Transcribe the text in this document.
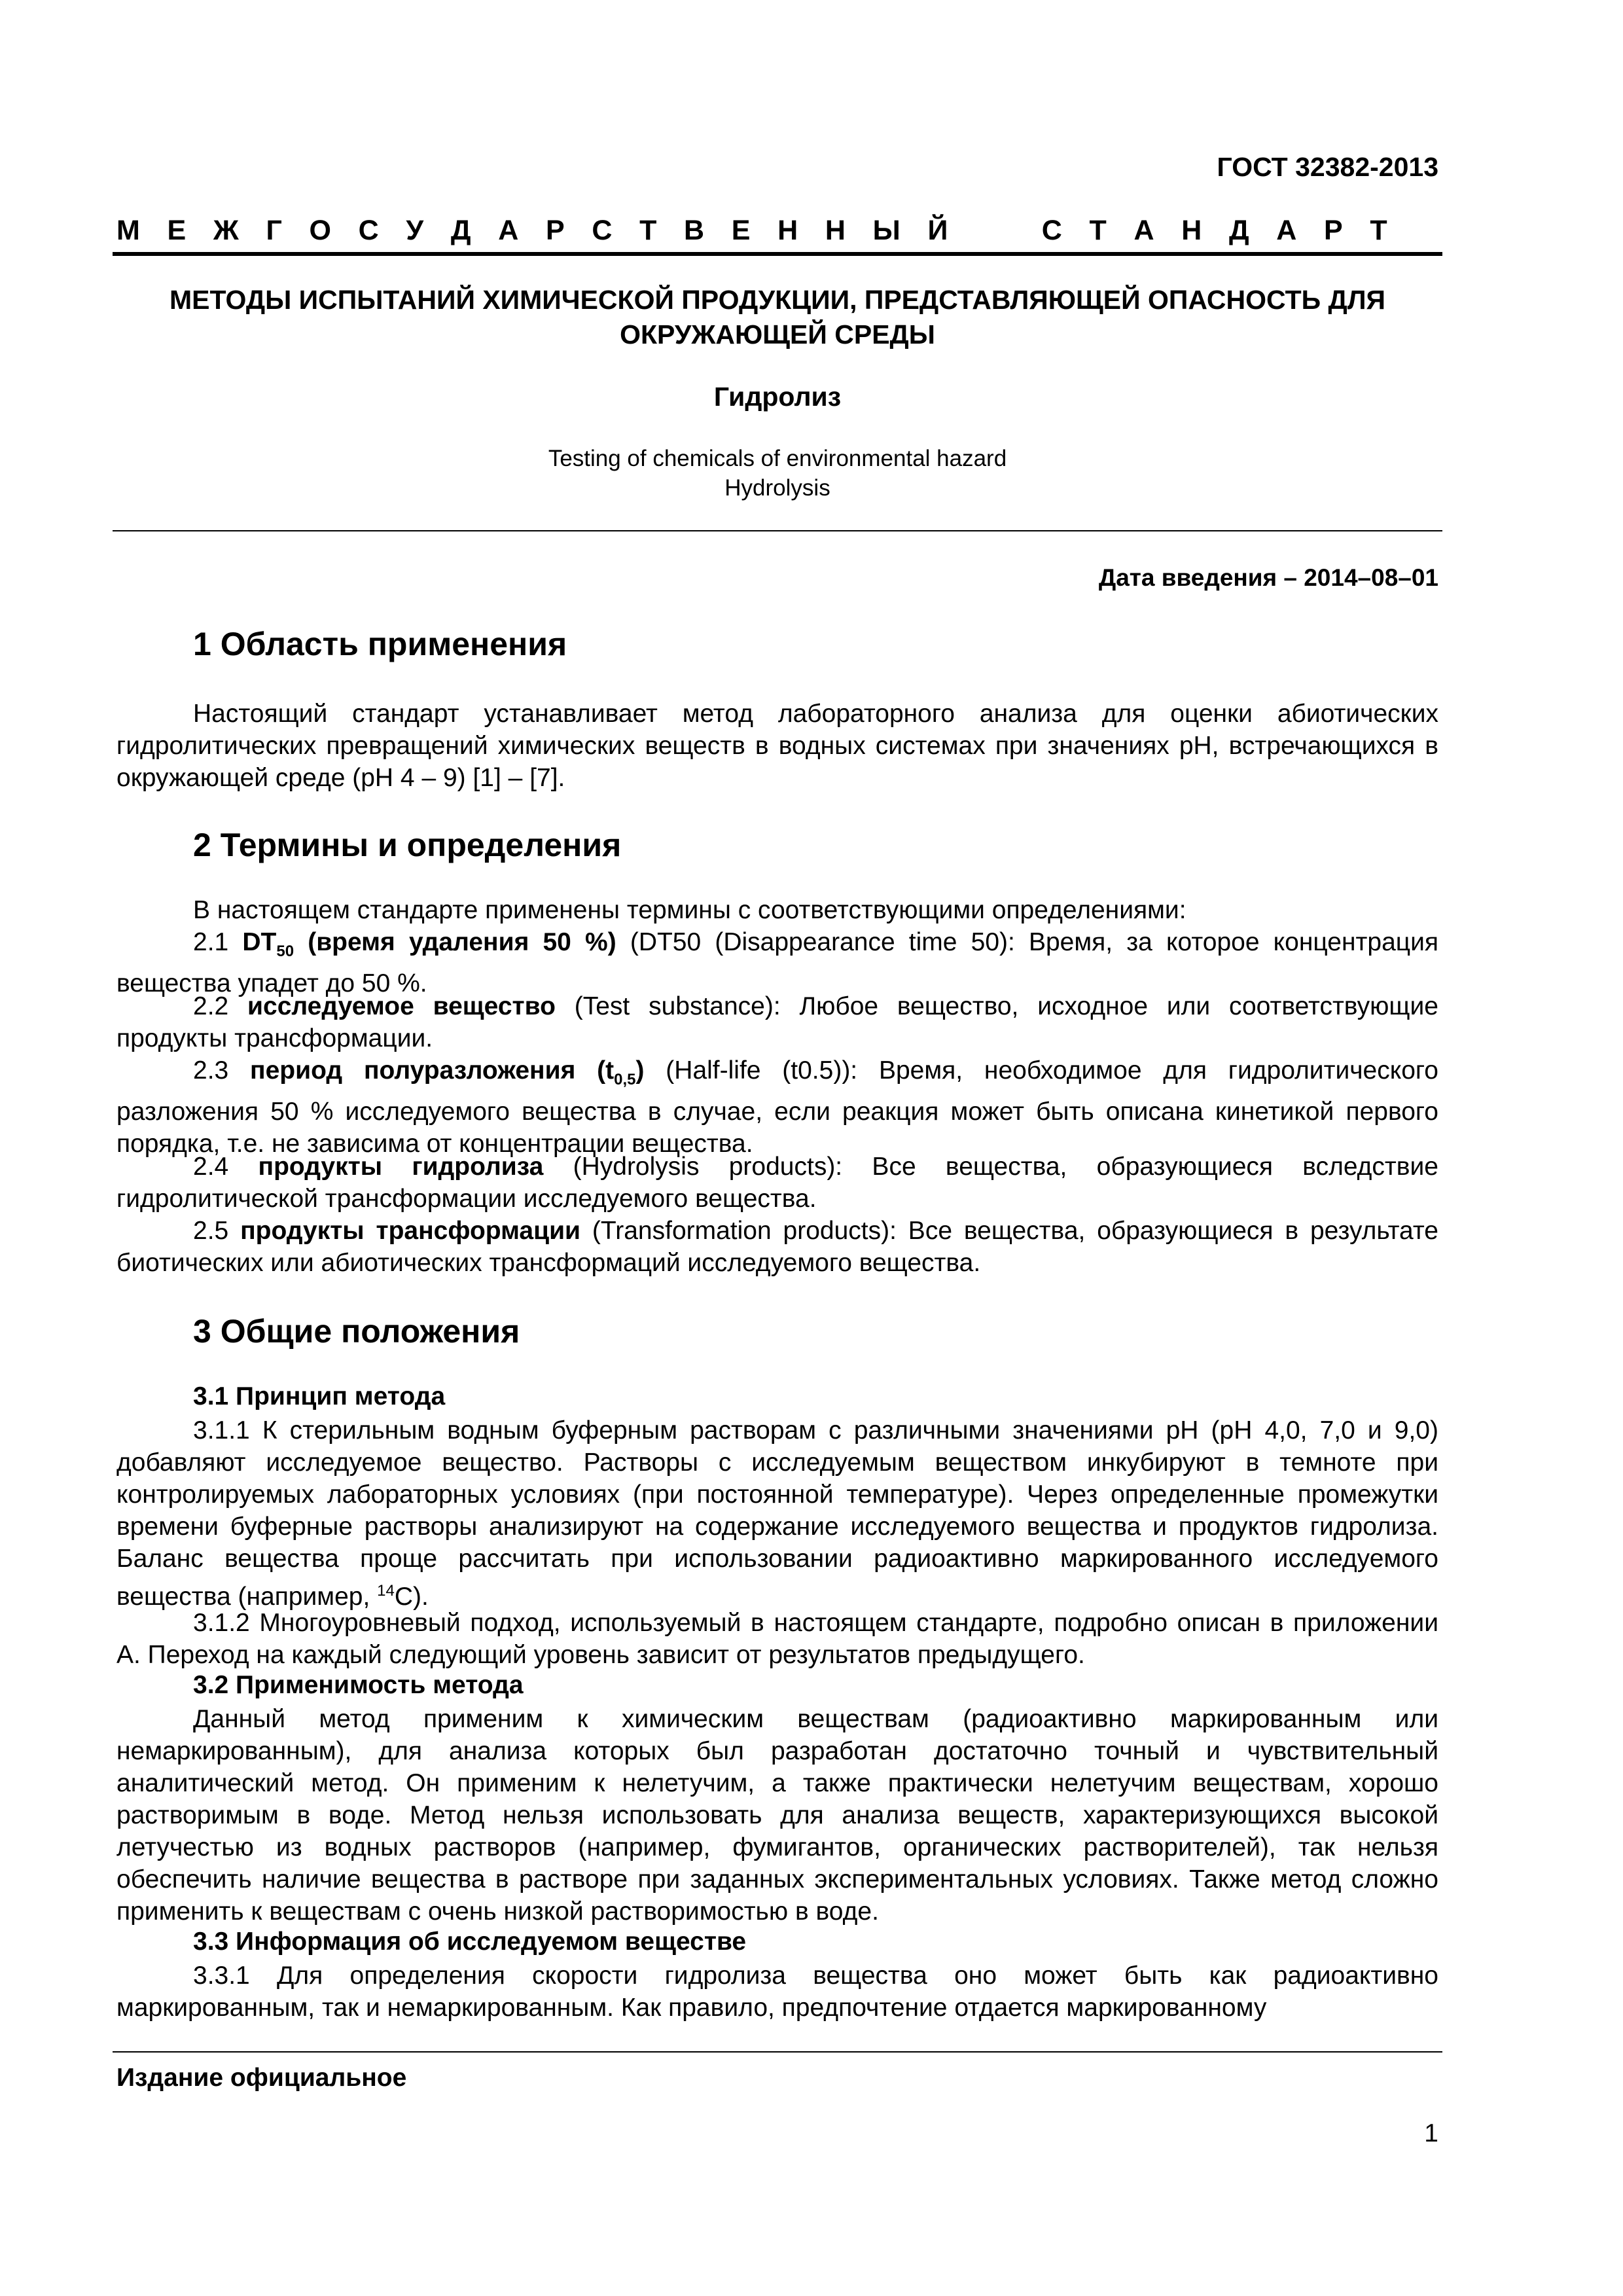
ГОСТ 32382-2013
М Е Ж Г О С У Д А Р С Т В Е Н Н Ы Й	С Т А Н Д А Р Т
МЕТОДЫ ИСПЫТАНИЙ ХИМИЧЕСКОЙ ПРОДУКЦИИ, ПРЕДСТАВЛЯЮЩЕЙ ОПАСНОСТЬ ДЛЯ
ОКРУЖАЮЩЕЙ СРЕДЫ
Гидролиз
Testing of chemicals of environmental hazard
Hydrolysis
Дата введения – 2014–08–01
1 Область применения
Настоящий стандарт устанавливает метод лабораторного анализа для оценки абиотических гидролитических превращений химических веществ в водных системах при значениях pH, встречающихся в окружающей среде (pH 4 – 9) [1] – [7].
2 Термины и определения
В настоящем стандарте применены термины с соответствующими определениями:
2.1 $DT_{50}$ (время удаления 50 %) (DT50 (Disappearance time 50): Время, за которое концентрация вещества упадет до 50 %.
2.2 исследуемое вещество (Test substance): Любое вещество, исходное или соответствующие продукты трансформации.
2.3 период полуразложения $(t_{0,5})$ (Half-life (t0.5)): Время, необходимое для гидролитического разложения 50 % исследуемого вещества в случае, если реакция может быть описана кинетикой первого порядка, т.е. не зависима от концентрации вещества.
2.4 продукты гидролиза (Hydrolysis products): Все вещества, образующиеся вследствие гидролитической трансформации исследуемого вещества.
2.5 продукты трансформации (Transformation products): Все вещества, образующиеся в результате биотических или абиотических трансформаций исследуемого вещества.
3 Общие положения
3.1 Принцип метода
3.1.1 К стерильным водным буферным растворам с различными значениями pH (pH 4,0, 7,0 и 9,0) добавляют исследуемое вещество. Растворы с исследуемым веществом инкубируют в темноте при контролируемых лабораторных условиях (при постоянной температуре). Через определенные промежутки времени буферные растворы анализируют на содержание исследуемого вещества и продуктов гидролиза. Баланс вещества проще рассчитать при использовании радиоактивно маркированного исследуемого вещества (например, $^{14}$C).
3.1.2 Многоуровневый подход, используемый в настоящем стандарте, подробно описан в приложении А. Переход на каждый следующий уровень зависит от результатов предыдущего.
3.2 Применимость метода
Данный метод применим к химическим веществам (радиоактивно маркированным или немаркированным), для анализа которых был разработан достаточно точный и чувствительный аналитический метод. Он применим к нелетучим, а также практически нелетучим веществам, хорошо растворимым в воде. Метод нельзя использовать для анализа веществ, характеризующихся высокой летучестью из водных растворов (например, фумигантов, органических растворителей), так нельзя обеспечить наличие вещества в растворе при заданных экспериментальных условиях. Также метод сложно применить к веществам с очень низкой растворимостью в воде.
3.3 Информация об исследуемом веществе
3.3.1 Для определения скорости гидролиза вещества оно может быть как радиоактивно маркированным, так и немаркированным. Как правило, предпочтение отдается маркированному
Издание официальное
1
